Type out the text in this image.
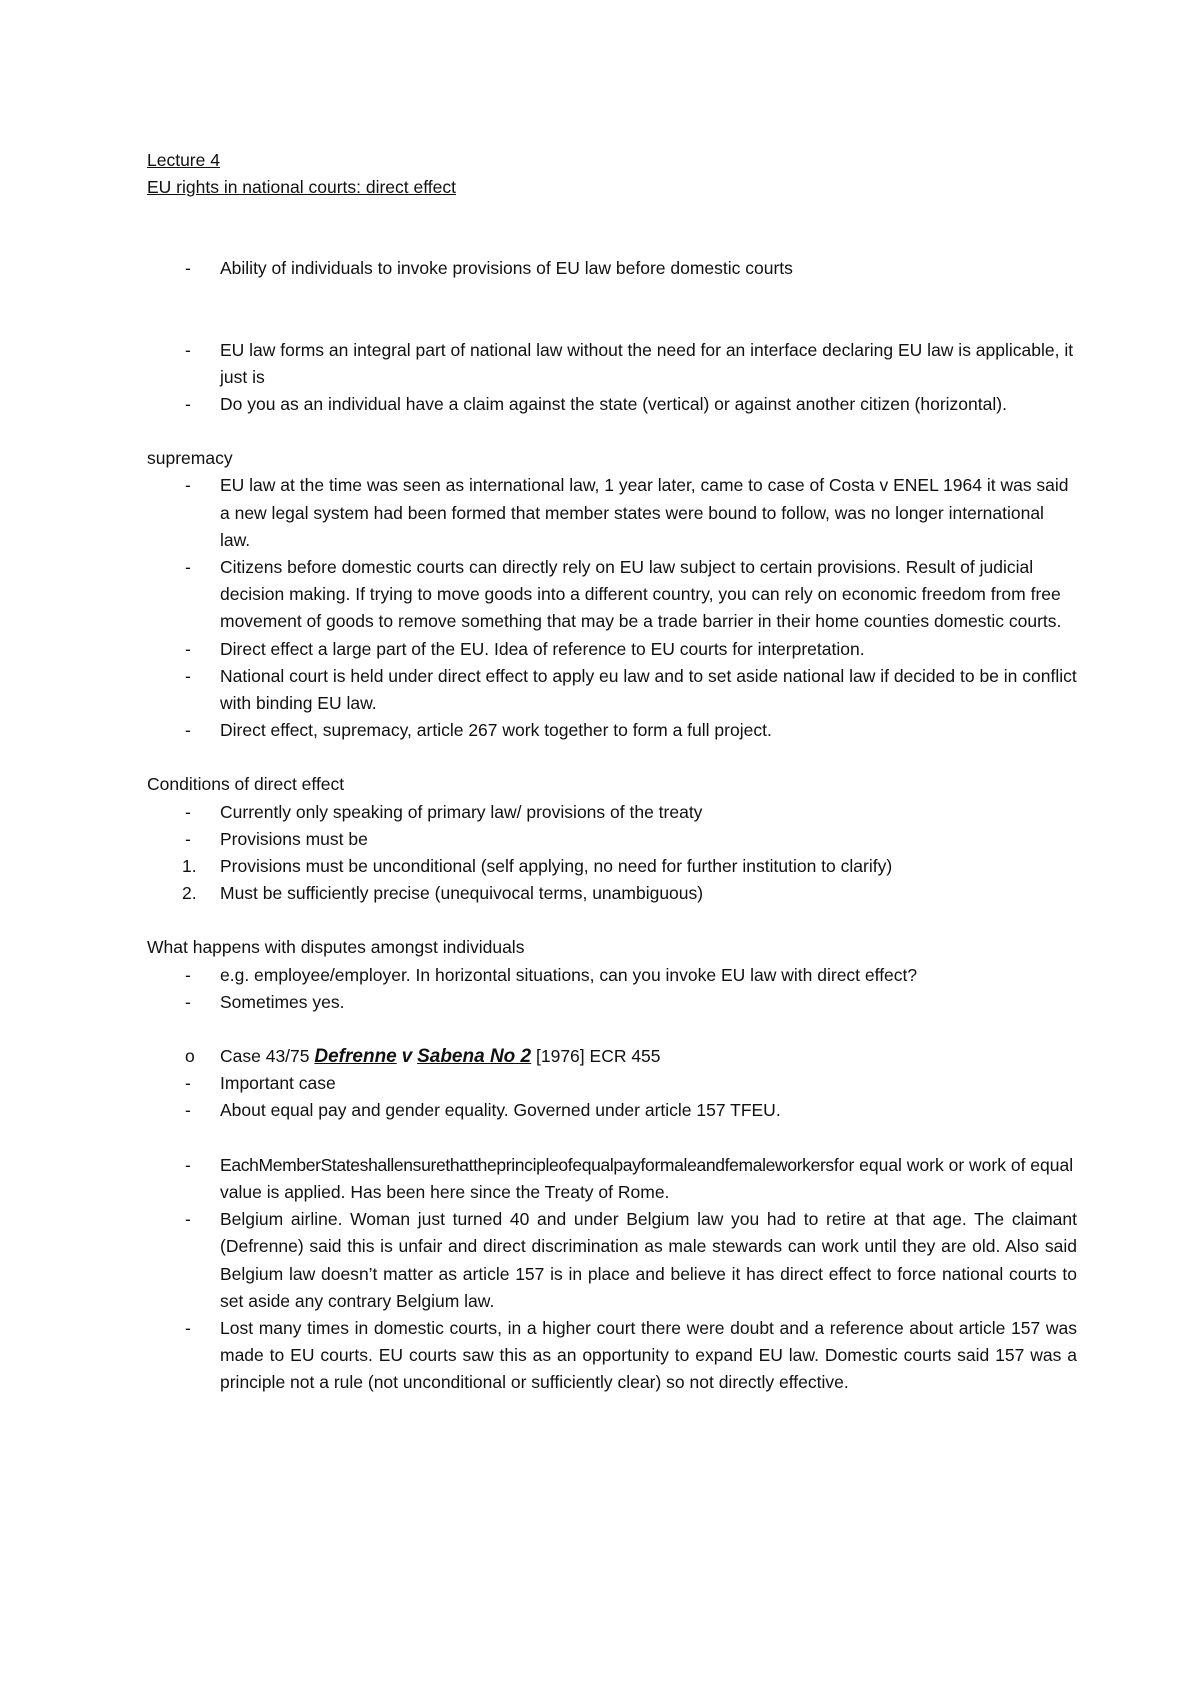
Lecture 4

EU rights in national courts: direct effect

- Ability of individuals to invoke provisions of EU law before domestic courts
- EU law forms an integral part of national law without the need for an interface declaring EU law is applicable, it just is
- Do you as an individual have a claim against the state (vertical) or against another citizen (horizontal).

supremacy

- EU law at the time was seen as international law, 1 year later, came to case of Costa v ENEL 1964 it was said a new legal system had been formed that member states were bound to follow, was no longer international law.
- Citizens before domestic courts can directly rely on EU law subject to certain provisions. Result of judicial decision making. If trying to move goods into a different country, you can rely on economic freedom from free movement of goods to remove something that may be a trade barrier in their home counties domestic courts.
- Direct effect a large part of the EU. Idea of reference to EU courts for interpretation.
- National court is held under direct effect to apply eu law and to set aside national law if decided to be in conflict with binding EU law.
- Direct effect, supremacy, article 267 work together to form a full project.

Conditions of direct effect

- Currently only speaking of primary law/ provisions of the treaty
- Provisions must be
1. Provisions must be unconditional (self applying, no need for further institution to clarify)
2. Must be sufficiently precise (unequivocal terms, unambiguous)

What happens with disputes amongst individuals

- e.g. employee/employer. In horizontal situations, can you invoke EU law with direct effect?
- Sometimes yes.
o Case 43/75 Defrenne v Sabena No 2 [1976] ECR 455
- Important case
- About equal pay and gender equality. Governed under article 157 TFEU.
- EachMemberStateshallensurethattheprincipleofequalpayformaleandfemaleworkersfor equal work or work of equal value is applied. Has been here since the Treaty of Rome.
- Belgium airline. Woman just turned 40 and under Belgium law you had to retire at that age. The claimant (Defrenne) said this is unfair and direct discrimination as male stewards can work until they are old. Also said Belgium law doesn’t matter as article 157 is in place and believe it has direct effect to force national courts to set aside any contrary Belgium law.
- Lost many times in domestic courts, in a higher court there were doubt and a reference about article 157 was made to EU courts. EU courts saw this as an opportunity to expand EU law. Domestic courts said 157 was a principle not a rule (not unconditional or sufficiently clear) so not directly effective.
